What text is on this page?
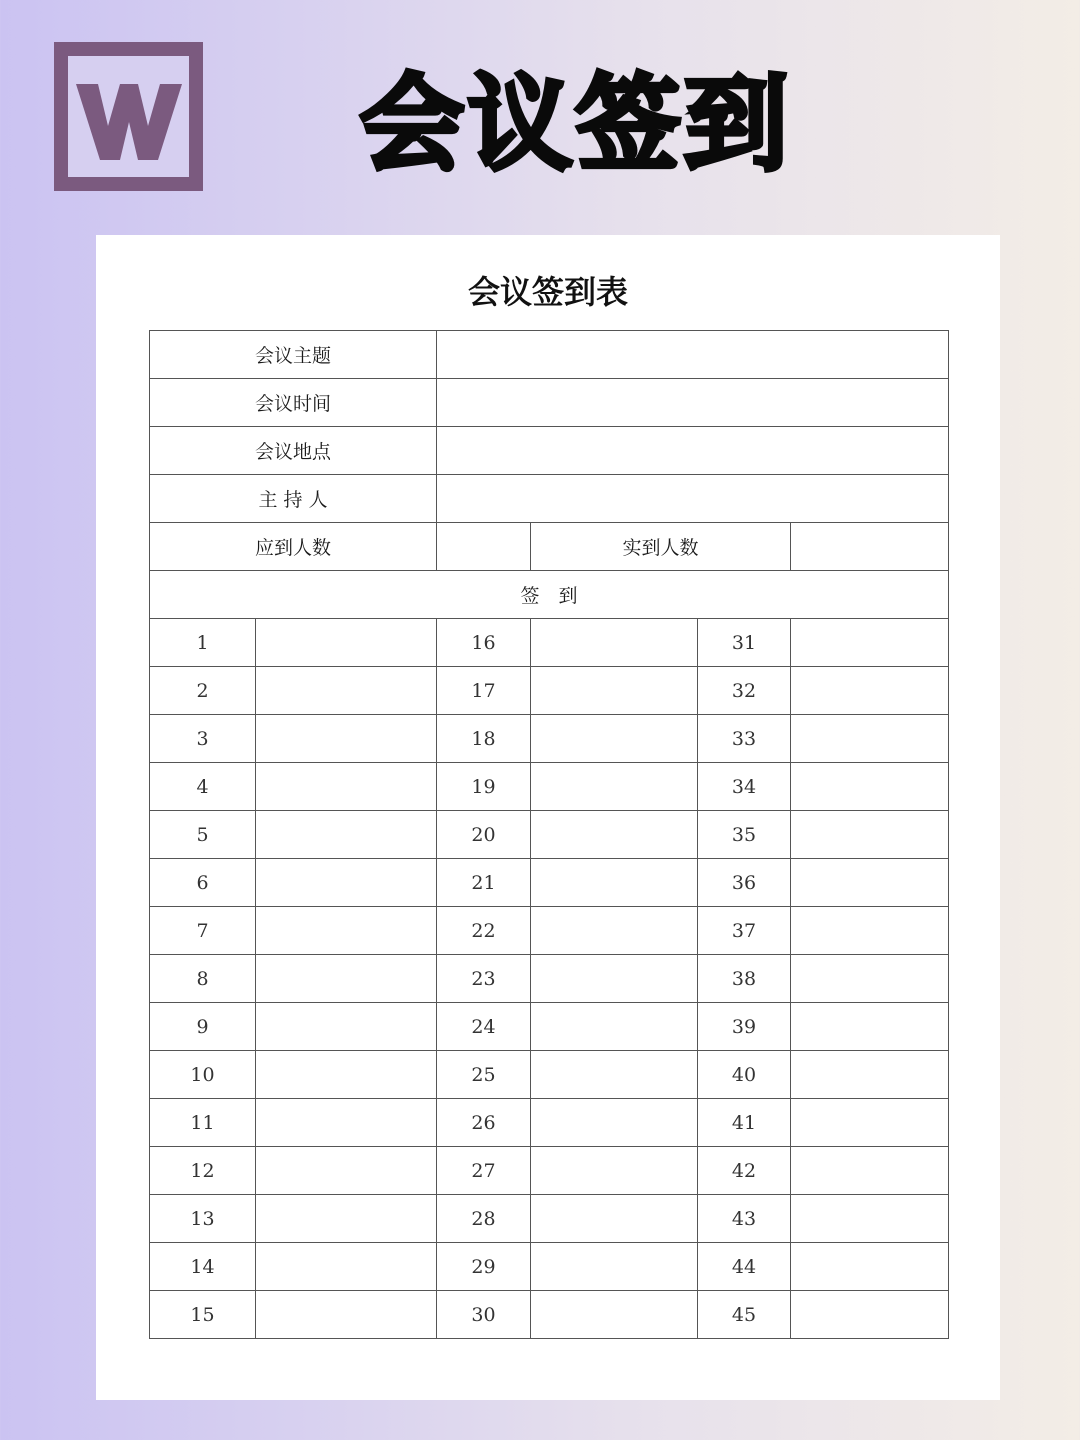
会议签到
会议签到表
会议主题					
会议时间					
会议地点					
主 持 人					
应到人数			实到人数		
签　到					
1		16		31	
2		17		32	
3		18		33	
4		19		34	
5		20		35	
6		21		36	
7		22		37	
8		23		38	
9		24		39	
10		25		40	
11		26		41	
12		27		42	
13		28		43	
14		29		44	
15		30		45	
